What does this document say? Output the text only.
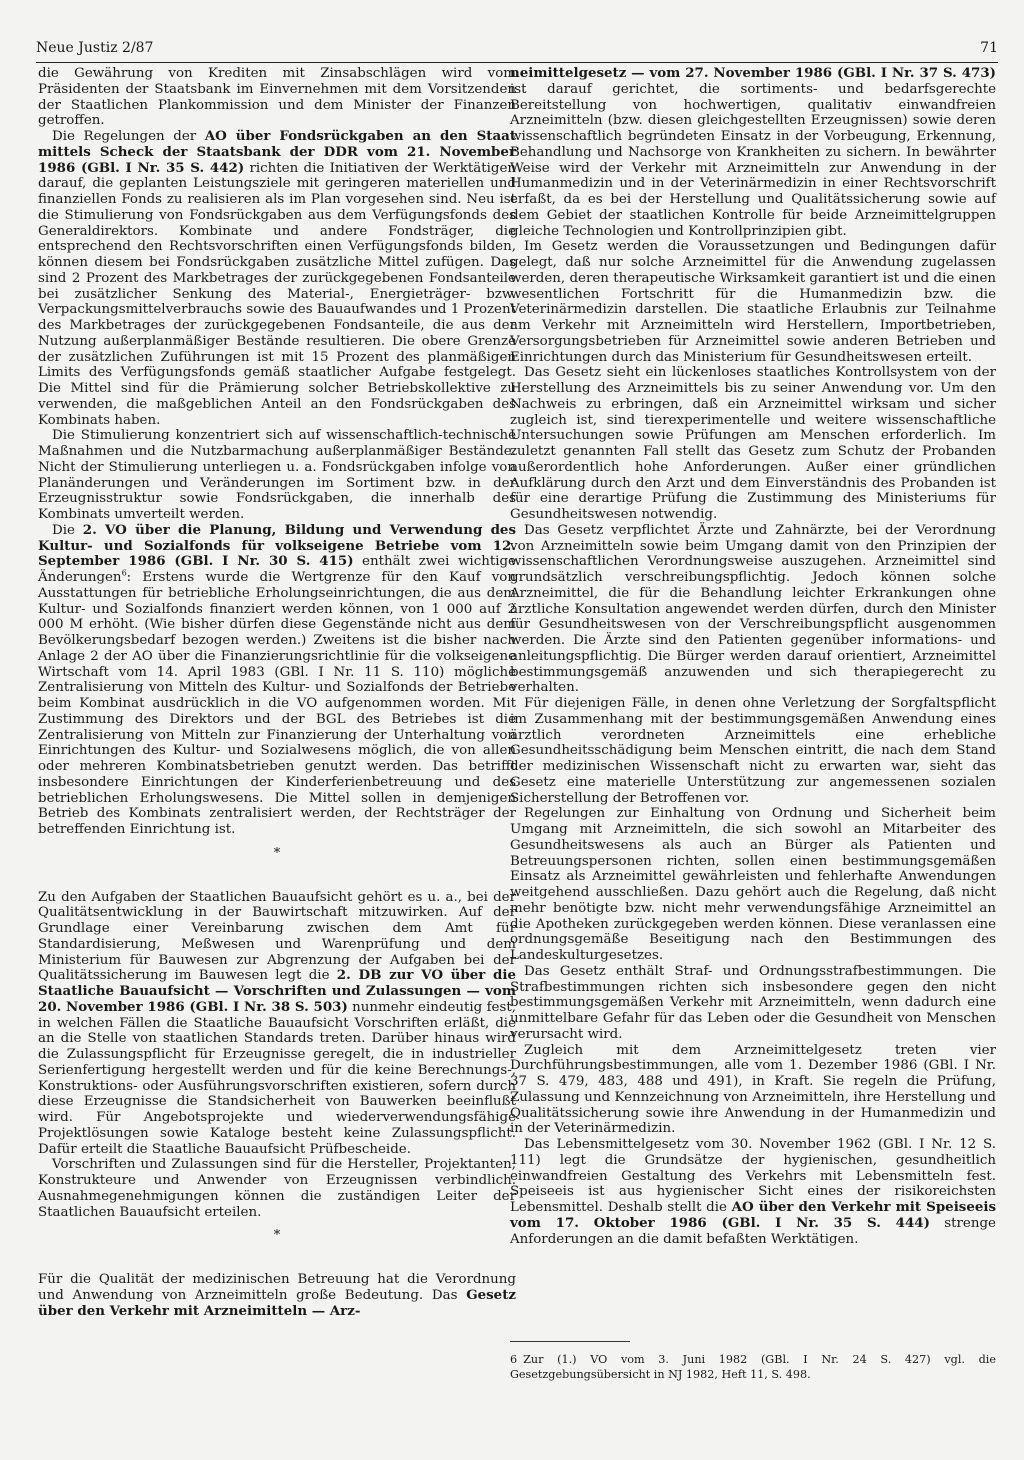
Neue Justiz 2/87	71

die Gewährung von Krediten mit Zinsabschlägen wird vom Präsidenten der Staatsbank im Einvernehmen mit dem Vorsitzenden der Staatlichen Plankommission und dem Minister der Finanzen getroffen.

Die Regelungen der AO über Fondsrückgaben an den Staat mittels Scheck der Staatsbank der DDR vom 21. November 1986 (GBl. I Nr. 35 S. 442) richten die Initiativen der Werktätigen darauf, die geplanten Leistungsziele mit geringeren materiellen und finanziellen Fonds zu realisieren als im Plan vorgesehen sind. Neu ist die Stimulierung von Fondsrückgaben aus dem Verfügungsfonds des Generaldirektors. Kombinate und andere Fondsträger, die entsprechend den Rechtsvorschriften einen Verfügungsfonds bilden, können diesem bei Fondsrückgaben zusätzliche Mittel zufügen. Das sind 2 Prozent des Markbetrages der zurückgegebenen Fondsanteile bei zusätzlicher Senkung des Material-, Energieträger- bzw. Verpackungsmittelverbrauchs sowie des Bauaufwandes und 1 Prozent des Markbetrages der zurückgegebenen Fondsanteile, die aus der Nutzung außerplanmäßiger Bestände resultieren. Die obere Grenze der zusätzlichen Zuführungen ist mit 15 Prozent des planmäßigen Limits des Verfügungsfonds gemäß staatlicher Aufgabe festgelegt. Die Mittel sind für die Prämierung solcher Betriebskollektive zu verwenden, die maßgeblichen Anteil an den Fondsrückgaben des Kombinats haben.

Die Stimulierung konzentriert sich auf wissenschaftlich-technische Maßnahmen und die Nutzbarmachung außerplanmäßiger Bestände. Nicht der Stimulierung unterliegen u. a. Fondsrückgaben infolge von Planänderungen und Veränderungen im Sortiment bzw. in der Erzeugnisstruktur sowie Fondsrückgaben, die innerhalb des Kombinats umverteilt werden.

Die 2. VO über die Planung, Bildung und Verwendung des Kultur- und Sozialfonds für volkseigene Betriebe vom 12. September 1986 (GBl. I Nr. 30 S. 415) enthält zwei wichtige Änderungen$^6$: Erstens wurde die Wertgrenze für den Kauf von Ausstattungen für betriebliche Erholungseinrichtungen, die aus dem Kultur- und Sozialfonds finanziert werden können, von 1 000 auf 2 000 M erhöht. (Wie bisher dürfen diese Gegenstände nicht aus dem Bevölkerungsbedarf bezogen werden.) Zweitens ist die bisher nach Anlage 2 der AO über die Finanzierungsrichtlinie für die volkseigene Wirtschaft vom 14. April 1983 (GBl. I Nr. 11 S. 110) mögliche Zentralisierung von Mitteln des Kultur- und Sozialfonds der Betriebe beim Kombinat ausdrücklich in die VO aufgenommen worden. Mit Zustimmung des Direktors und der BGL des Betriebes ist die Zentralisierung von Mitteln zur Finanzierung der Unterhaltung von Einrichtungen des Kultur- und Sozialwesens möglich, die von allen oder mehreren Kombinatsbetrieben genutzt werden. Das betrifft insbesondere Einrichtungen der Kinderferienbetreuung und des betrieblichen Erholungswesens. Die Mittel sollen in demjenigen Betrieb des Kombinats zentralisiert werden, der Rechtsträger der betreffenden Einrichtung ist.

*

Zu den Aufgaben der Staatlichen Bauaufsicht gehört es u. a., bei der Qualitätsentwicklung in der Bauwirtschaft mitzuwirken. Auf der Grundlage einer Vereinbarung zwischen dem Amt für Standardisierung, Meßwesen und Warenprüfung und dem Ministerium für Bauwesen zur Abgrenzung der Aufgaben bei der Qualitätssicherung im Bauwesen legt die 2. DB zur VO über die Staatliche Bauaufsicht — Vorschriften und Zulassungen — vom 20. November 1986 (GBl. I Nr. 38 S. 503) nunmehr eindeutig fest, in welchen Fällen die Staatliche Bauaufsicht Vorschriften erläßt, die an die Stelle von staatlichen Standards treten. Darüber hinaus wird die Zulassungspflicht für Erzeugnisse geregelt, die in industrieller Serienfertigung hergestellt werden und für die keine Berechnungs-, Konstruktions- oder Ausführungsvorschriften existieren, sofern durch diese Erzeugnisse die Standsicherheit von Bauwerken beeinflußt wird. Für Angebotsprojekte und wiederverwendungsfähige Projektlösungen sowie Kataloge besteht keine Zulassungspflicht. Dafür erteilt die Staatliche Bauaufsicht Prüfbescheide.

Vorschriften und Zulassungen sind für die Hersteller, Projektanten, Konstrukteure und Anwender von Erzeugnissen verbindlich. Ausnahmegenehmigungen können die zuständigen Leiter der Staatlichen Bauaufsicht erteilen.

*

Für die Qualität der medizinischen Betreuung hat die Verordnung und Anwendung von Arzneimitteln große Bedeutung. Das Gesetz über den Verkehr mit Arzneimitteln — Arz-

neimittelgesetz — vom 27. November 1986 (GBl. I Nr. 37 S. 473) ist darauf gerichtet, die sortiments- und bedarfsgerechte Bereitstellung von hochwertigen, qualitativ einwandfreien Arzneimitteln (bzw. diesen gleichgestellten Erzeugnissen) sowie deren wissenschaftlich begründeten Einsatz in der Vorbeugung, Erkennung, Behandlung und Nachsorge von Krankheiten zu sichern. In bewährter Weise wird der Verkehr mit Arzneimitteln zur Anwendung in der Humanmedizin und in der Veterinärmedizin in einer Rechtsvorschrift erfaßt, da es bei der Herstellung und Qualitätssicherung sowie auf dem Gebiet der staatlichen Kontrolle für beide Arzneimittelgruppen gleiche Technologien und Kontrollprinzipien gibt.

Im Gesetz werden die Voraussetzungen und Bedingungen dafür gelegt, daß nur solche Arzneimittel für die Anwendung zugelassen werden, deren therapeutische Wirksamkeit garantiert ist und die einen wesentlichen Fortschritt für die Humanmedizin bzw. die Veterinärmedizin darstellen. Die staatliche Erlaubnis zur Teilnahme am Verkehr mit Arzneimitteln wird Herstellern, Importbetrieben, Versorgungsbetrieben für Arzneimittel sowie anderen Betrieben und Einrichtungen durch das Ministerium für Gesundheitswesen erteilt.

Das Gesetz sieht ein lückenloses staatliches Kontrollsystem von der Herstellung des Arzneimittels bis zu seiner Anwendung vor. Um den Nachweis zu erbringen, daß ein Arzneimittel wirksam und sicher zugleich ist, sind tierexperimentelle und weitere wissenschaftliche Untersuchungen sowie Prüfungen am Menschen erforderlich. Im zuletzt genannten Fall stellt das Gesetz zum Schutz der Probanden außerordentlich hohe Anforderungen. Außer einer gründlichen Aufklärung durch den Arzt und dem Einverständnis des Probanden ist für eine derartige Prüfung die Zustimmung des Ministeriums für Gesundheitswesen notwendig.

Das Gesetz verpflichtet Ärzte und Zahnärzte, bei der Verordnung von Arzneimitteln sowie beim Umgang damit von den Prinzipien der wissenschaftlichen Verordnungsweise auszugehen. Arzneimittel sind grundsätzlich verschreibungspflichtig. Jedoch können solche Arzneimittel, die für die Behandlung leichter Erkrankungen ohne ärztliche Konsultation angewendet werden dürfen, durch den Minister für Gesundheitswesen von der Verschreibungspflicht ausgenommen werden. Die Ärzte sind den Patienten gegenüber informations- und anleitungspflichtig. Die Bürger werden darauf orientiert, Arzneimittel bestimmungsgemäß anzuwenden und sich therapiegerecht zu verhalten.

Für diejenigen Fälle, in denen ohne Verletzung der Sorgfaltspflicht im Zusammenhang mit der bestimmungsgemäßen Anwendung eines ärztlich verordneten Arzneimittels eine erhebliche Gesundheitsschädigung beim Menschen eintritt, die nach dem Stand der medizinischen Wissenschaft nicht zu erwarten war, sieht das Gesetz eine materielle Unterstützung zur angemessenen sozialen Sicherstellung der Betroffenen vor.

Regelungen zur Einhaltung von Ordnung und Sicherheit beim Umgang mit Arzneimitteln, die sich sowohl an Mitarbeiter des Gesundheitswesens als auch an Bürger als Patienten und Betreuungspersonen richten, sollen einen bestimmungsgemäßen Einsatz als Arzneimittel gewährleisten und fehlerhafte Anwendungen weitgehend ausschließen. Dazu gehört auch die Regelung, daß nicht mehr benötigte bzw. nicht mehr verwendungsfähige Arzneimittel an die Apotheken zurückgegeben werden können. Diese veranlassen eine ordnungsgemäße Beseitigung nach den Bestimmungen des Landeskulturgesetzes.

Das Gesetz enthält Straf- und Ordnungsstrafbestimmungen. Die Strafbestimmungen richten sich insbesondere gegen den nicht bestimmungsgemäßen Verkehr mit Arzneimitteln, wenn dadurch eine unmittelbare Gefahr für das Leben oder die Gesundheit von Menschen verursacht wird.

Zugleich mit dem Arzneimittelgesetz treten vier Durchführungsbestimmungen, alle vom 1. Dezember 1986 (GBl. I Nr. 37 S. 479, 483, 488 und 491), in Kraft. Sie regeln die Prüfung, Zulassung und Kennzeichnung von Arzneimitteln, ihre Herstellung und Qualitätssicherung sowie ihre Anwendung in der Humanmedizin und in der Veterinärmedizin.

Das Lebensmittelgesetz vom 30. November 1962 (GBl. I Nr. 12 S. 111) legt die Grundsätze der hygienischen, gesundheitlich einwandfreien Gestaltung des Verkehrs mit Lebensmitteln fest. Speiseeis ist aus hygienischer Sicht eines der risikoreichsten Lebensmittel. Deshalb stellt die AO über den Verkehr mit Speiseeis vom 17. Oktober 1986 (GBl. I Nr. 35 S. 444) strenge Anforderungen an die damit befaßten Werktätigen.

6 Zur (1.) VO vom 3. Juni 1982 (GBl. I Nr. 24 S. 427) vgl. die Gesetzgebungsübersicht in NJ 1982, Heft 11, S. 498.
